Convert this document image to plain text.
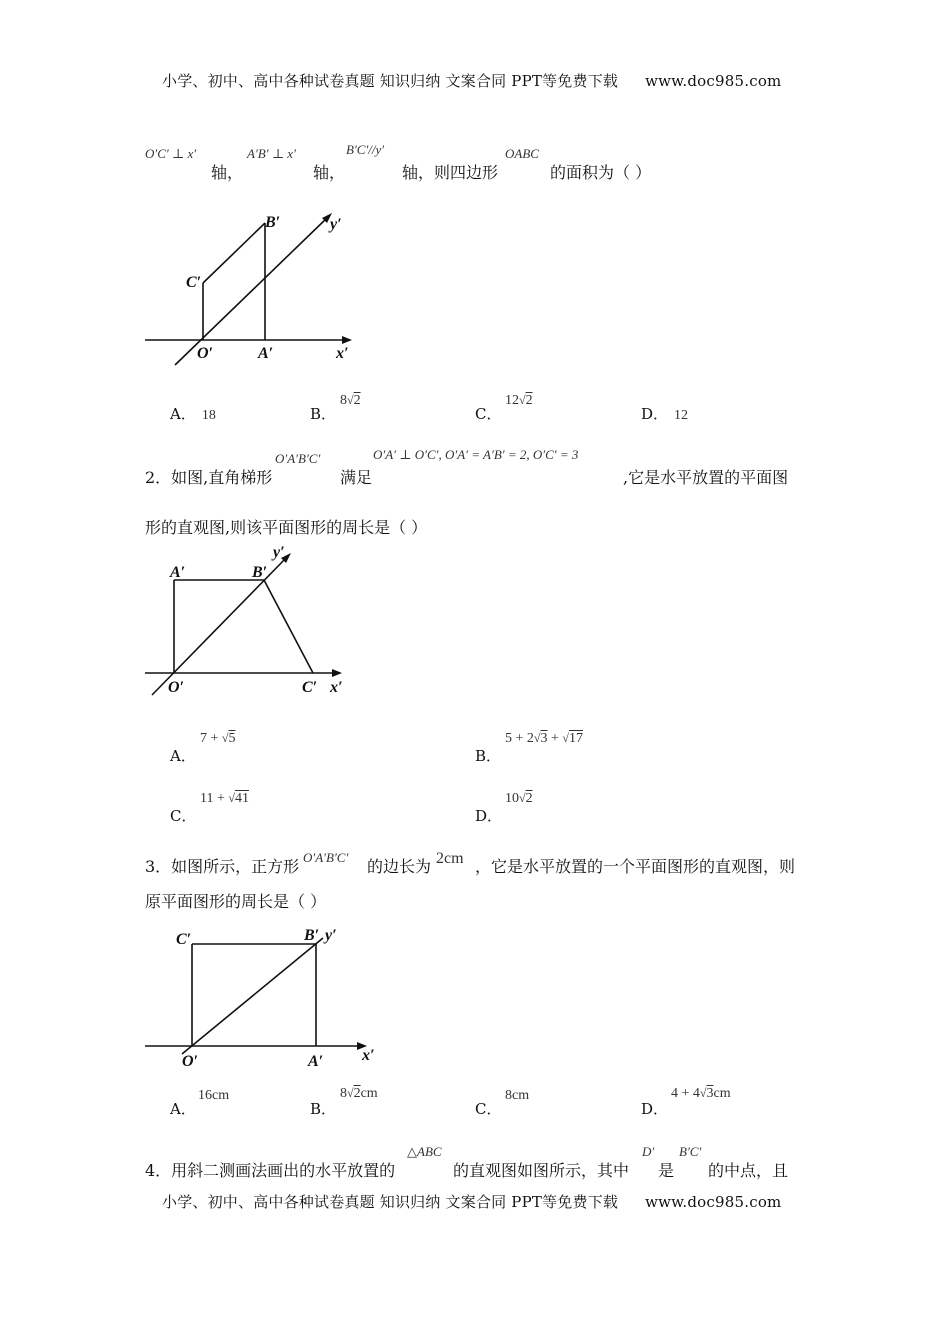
小学、初中、高中各种试卷真题 知识归纳 文案合同 PPT等免费下载 www.doc985.com
O′C′ ⊥ x′
轴，
A′B′ ⊥ x′
轴，
B′C′//y′
轴，则四边形
OABC
的面积为（ ）
B′
C′
O′	A′	x′
y′
A． 18	B．
8√2
C．
12√2
D． 12
2．如图,直角梯形
O′A′B′C′
满足
O′A′ ⊥ O′C′, O′A′ = A′B′ = 2, O′C′ = 3
,它是水平放置的平面图
形的直观图,则该平面图形的周长是（ ）
A′	B′
O′	C′ x′
y′
A．
7 + √5
B．
5 + 2√3 + √17
C．
11 + √41
D．
10√2
3．如图所示，正方形 O′A′B′C′ 的边长为 2cm ，它是水平放置的一个平面图形的直观图，则
原平面图形的周长是（ ）
C′	B′ y′
O′	A′ x′
A．
16cm
B．
8√2cm
C．
8cm
D．
4 + 4√3cm
4．用斜二测画法画出的水平放置的
△ABC
的直观图如图所示，其中
D′
是
B′C′
的中点，且
小学、初中、高中各种试卷真题 知识归纳 文案合同 PPT等免费下载 www.doc985.com
